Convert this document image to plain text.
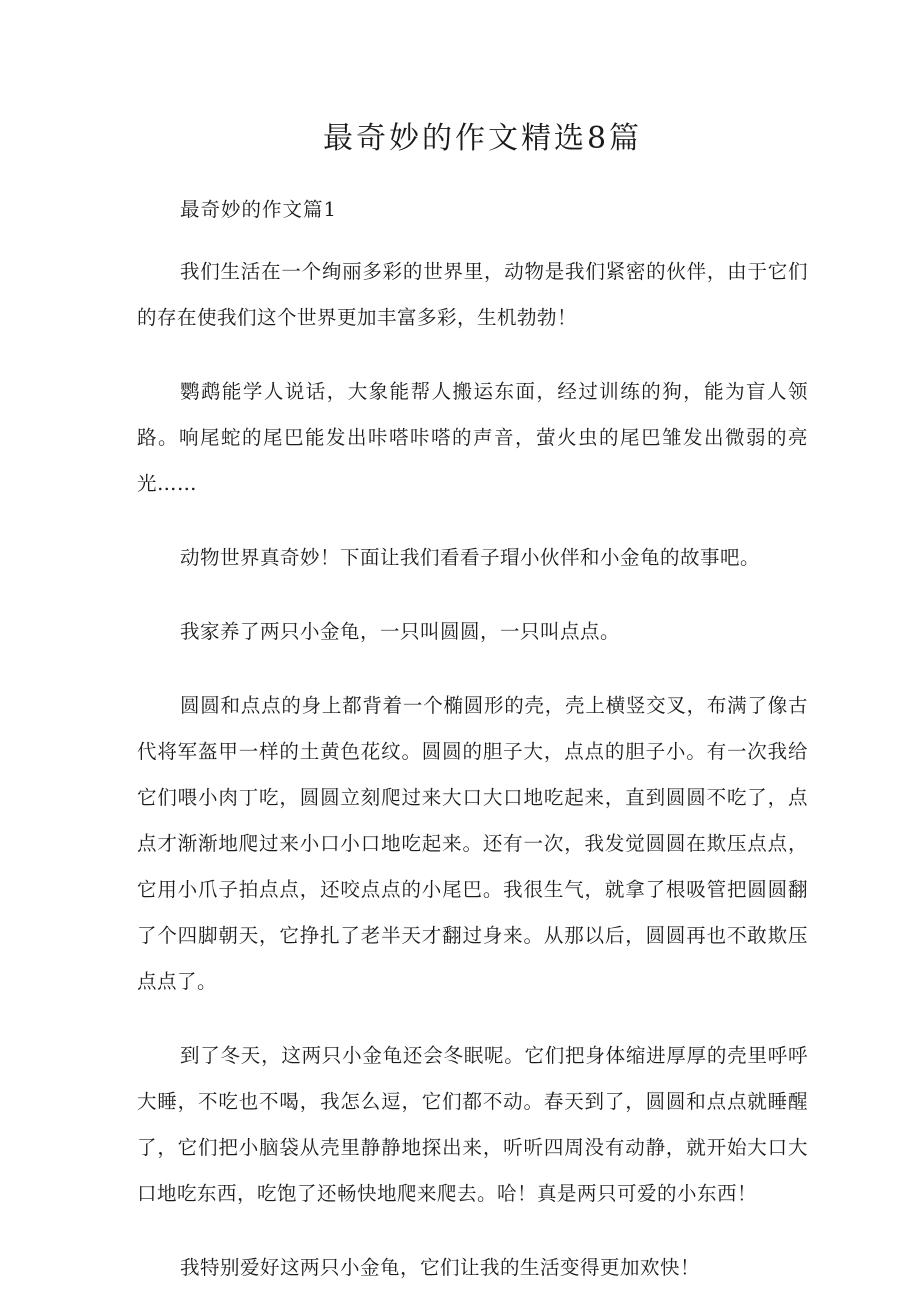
最奇妙的作文精选8篇

最奇妙的作文篇1

我们生活在一个绚丽多彩的世界里，动物是我们紧密的伙伴，由于它们的存在使我们这个世界更加丰富多彩，生机勃勃！

鹦鹉能学人说话，大象能帮人搬运东面，经过训练的狗，能为盲人领路。响尾蛇的尾巴能发出咔嗒咔嗒的声音，萤火虫的尾巴雏发出微弱的亮光……

动物世界真奇妙！下面让我们看看子瑁小伙伴和小金龟的故事吧。

我家养了两只小金龟，一只叫圆圆，一只叫点点。

圆圆和点点的身上都背着一个椭圆形的壳，壳上横竖交叉，布满了像古代将军盔甲一样的土黄色花纹。圆圆的胆子大，点点的胆子小。有一次我给它们喂小肉丁吃，圆圆立刻爬过来大口大口地吃起来，直到圆圆不吃了，点点才渐渐地爬过来小口小口地吃起来。还有一次，我发觉圆圆在欺压点点，它用小爪子拍点点，还咬点点的小尾巴。我很生气，就拿了根吸管把圆圆翻了个四脚朝天，它挣扎了老半天才翻过身来。从那以后，圆圆再也不敢欺压点点了。

到了冬天，这两只小金龟还会冬眠呢。它们把身体缩进厚厚的壳里呼呼大睡，不吃也不喝，我怎么逗，它们都不动。春天到了，圆圆和点点就睡醒了，它们把小脑袋从壳里静静地探出来，听听四周没有动静，就开始大口大口地吃东西，吃饱了还畅快地爬来爬去。哈！真是两只可爱的小东西！

我特别爱好这两只小金龟，它们让我的生活变得更加欢快！
